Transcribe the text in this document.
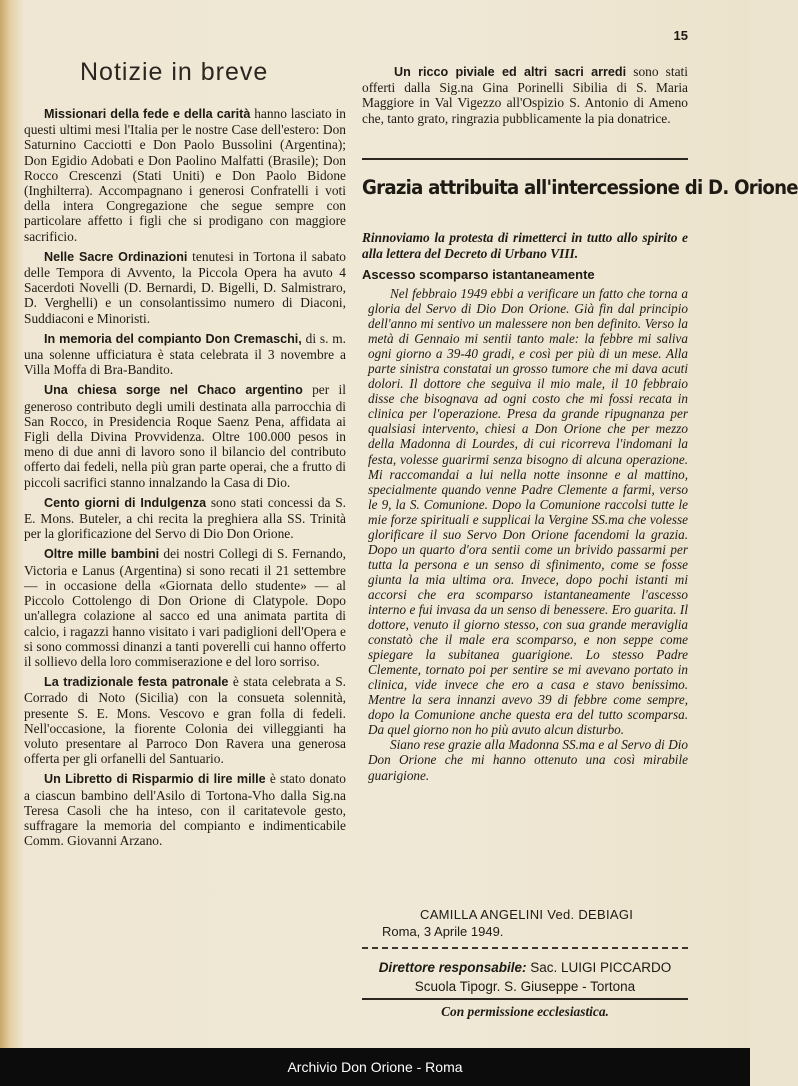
15
Notizie in breve

Missionari della fede e della carità hanno lasciato in questi ultimi mesi l'Italia per le nostre Case dell'estero: Don Saturnino Cacciotti e Don Paolo Bussolini (Argentina); Don Egidio Adobati e Don Paolino Malfatti (Brasile); Don Rocco Crescenzi (Stati Uniti) e Don Paolo Bidone (Inghilterra). Accompagnano i generosi Confratelli i voti della intera Congregazione che segue sempre con particolare affetto i figli che si prodigano con maggiore sacrificio.

Nelle Sacre Ordinazioni tenutesi in Tortona il sabato delle Tempora di Avvento, la Piccola Opera ha avuto 4 Sacerdoti Novelli (D. Bernardi, D. Bigelli, D. Salmistraro, D. Verghelli) e un consolantissimo numero di Diaconi, Suddiaconi e Minoristi.

In memoria del compianto Don Cremaschi, di s. m. una solenne ufficiatura è stata celebrata il 3 novembre a Villa Moffa di Bra-Bandito.

Una chiesa sorge nel Chaco argentino per il generoso contributo degli umili destinata alla parrocchia di San Rocco, in Presidencia Roque Saenz Pena, affidata ai Figli della Divina Provvidenza. Oltre 100.000 pesos in meno di due anni di lavoro sono il bilancio del contributo offerto dai fedeli, nella più gran parte operai, che a frutto di piccoli sacrifici stanno innalzando la Casa di Dio.

Cento giorni di Indulgenza sono stati concessi da S. E. Mons. Buteler, a chi recita la preghiera alla SS. Trinità per la glorificazione del Servo di Dio Don Orione.

Oltre mille bambini dei nostri Collegi di S. Fernando, Victoria e Lanus (Argentina) si sono recati il 21 settembre — in occasione della «Giornata dello studente» — al Piccolo Cottolengo di Don Orione di Clatypole. Dopo un'allegra colazione al sacco ed una animata partita di calcio, i ragazzi hanno visitato i vari padiglioni dell'Opera e si sono commossi dinanzi a tanti poverelli cui hanno offerto il sollievo della loro commiserazione e del loro sorriso.

La tradizionale festa patronale è stata celebrata a S. Corrado di Noto (Sicilia) con la consueta solennità, presente S. E. Mons. Vescovo e gran folla di fedeli. Nell'occasione, la fiorente Colonia dei villeggianti ha voluto presentare al Parroco Don Ravera una generosa offerta per gli orfanelli del Santuario.

Un Libretto di Risparmio di lire mille è stato donato a ciascun bambino dell'Asilo di Tortona-Vho dalla Sig.na Teresa Casoli che ha inteso, con il caritatevole gesto, suffragare la memoria del compianto e indimenticabile Comm. Giovanni Arzano.

Un ricco piviale ed altri sacri arredi sono stati offerti dalla Sig.na Gina Porinelli Sibilia di S. Maria Maggiore in Val Vigezzo all'Ospizio S. Antonio di Ameno che, tanto grato, ringrazia pubblicamente la pia donatrice.

Grazia attribuita all'intercessione di D. Orione
Rinnoviamo la protesta di rimetterci in tutto allo spirito e alla lettera del Decreto di Urbano VIII.
Ascesso scomparso istantaneamente

Nel febbraio 1949 ebbi a verificare un fatto che torna a gloria del Servo di Dio Don Orione. Già fin dal principio dell'anno mi sentivo un malessere non ben definito. Verso la metà di Gennaio mi sentii tanto male: la febbre mi saliva ogni giorno a 39-40 gradi, e così per più di un mese. Alla parte sinistra constatai un grosso tumore che mi dava acuti dolori. Il dottore che seguiva il mio male, il 10 febbraio disse che bisognava ad ogni costo che mi fossi recata in clinica per l'operazione. Presa da grande ripugnanza per qualsiasi intervento, chiesi a Don Orione che per mezzo della Madonna di Lourdes, di cui ricorreva l'indomani la festa, volesse guarirmi senza bisogno di alcuna operazione. Mi raccomandai a lui nella notte insonne e al mattino, specialmente quando venne Padre Clemente a farmi, verso le 9, la S. Comunione. Dopo la Comunione raccolsi tutte le mie forze spirituali e supplicai la Vergine SS.ma che volesse glorificare il suo Servo Don Orione facendomi la grazia. Dopo un quarto d'ora sentii come un brivido passarmi per tutta la persona e un senso di sfinimento, come se fosse giunta la mia ultima ora. Invece, dopo pochi istanti mi accorsi che era scomparso istantaneamente l'ascesso interno e fui invasa da un senso di benessere. Ero guarita. Il dottore, venuto il giorno stesso, con sua grande meraviglia constatò che il male era scomparso, e non seppe come spiegare la subitanea guarigione. Lo stesso Padre Clemente, tornato poi per sentire se mi avevano portato in clinica, vide invece che ero a casa e stavo benissimo. Mentre la sera innanzi avevo 39 di febbre come sempre, dopo la Comunione anche questa era del tutto scomparsa. Da quel giorno non ho più avuto alcun disturbo.

Siano rese grazie alla Madonna SS.ma e al Servo di Dio Don Orione che mi hanno ottenuto una così mirabile guarigione.

CAMILLA ANGELINI Ved. DEBIAGI
Roma, 3 Aprile 1949.
Direttore responsabile: Sac. LUIGI PICCARDO
Scuola Tipogr. S. Giuseppe - Tortona
Con permissione ecclesiastica.
Archivio Don Orione - Roma
